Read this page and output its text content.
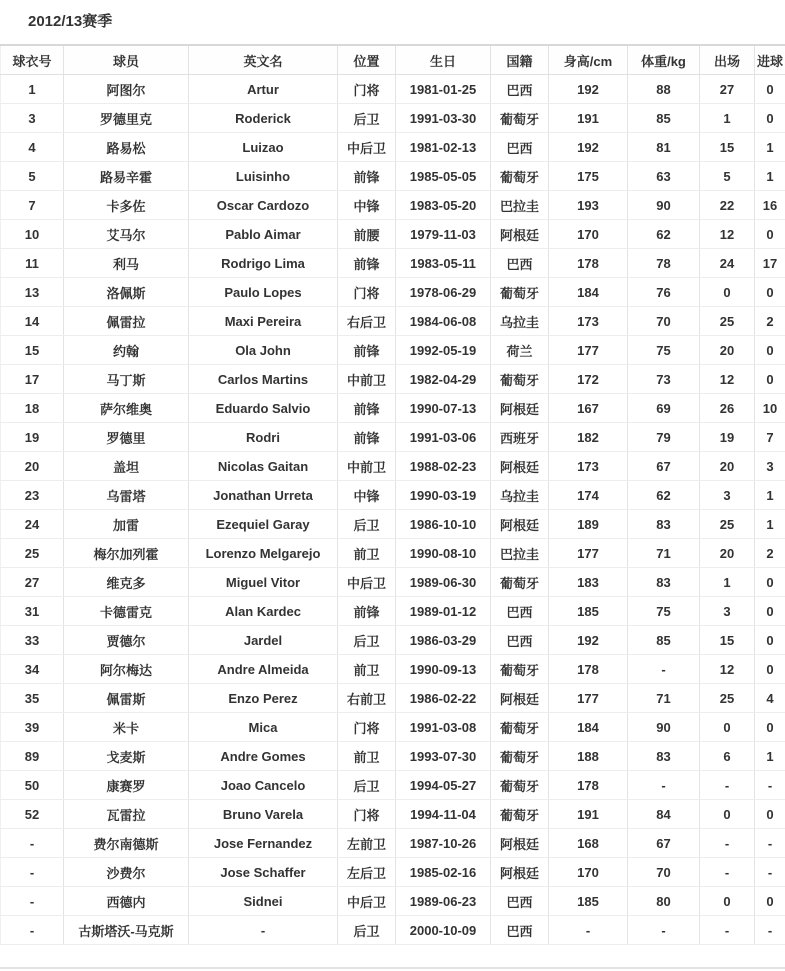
2012/13赛季
球衣号	球员	英文名	位置	生日	国籍	身高/cm	体重/kg	出场	进球
1	阿图尔	Artur	门将	1981-01-25	巴西	192	88	27	0
3	罗德里克	Roderick	后卫	1991-03-30	葡萄牙	191	85	1	0
4	路易松	Luizao	中后卫	1981-02-13	巴西	192	81	15	1
5	路易辛霍	Luisinho	前锋	1985-05-05	葡萄牙	175	63	5	1
7	卡多佐	Oscar Cardozo	中锋	1983-05-20	巴拉圭	193	90	22	16
10	艾马尔	Pablo Aimar	前腰	1979-11-03	阿根廷	170	62	12	0
11	利马	Rodrigo Lima	前锋	1983-05-11	巴西	178	78	24	17
13	洛佩斯	Paulo Lopes	门将	1978-06-29	葡萄牙	184	76	0	0
14	佩雷拉	Maxi Pereira	右后卫	1984-06-08	乌拉圭	173	70	25	2
15	约翰	Ola John	前锋	1992-05-19	荷兰	177	75	20	0
17	马丁斯	Carlos Martins	中前卫	1982-04-29	葡萄牙	172	73	12	0
18	萨尔维奥	Eduardo Salvio	前锋	1990-07-13	阿根廷	167	69	26	10
19	罗德里	Rodri	前锋	1991-03-06	西班牙	182	79	19	7
20	盖坦	Nicolas Gaitan	中前卫	1988-02-23	阿根廷	173	67	20	3
23	乌雷塔	Jonathan Urreta	中锋	1990-03-19	乌拉圭	174	62	3	1
24	加雷	Ezequiel Garay	后卫	1986-10-10	阿根廷	189	83	25	1
25	梅尔加列霍	Lorenzo Melgarejo	前卫	1990-08-10	巴拉圭	177	71	20	2
27	维克多	Miguel Vitor	中后卫	1989-06-30	葡萄牙	183	83	1	0
31	卡德雷克	Alan Kardec	前锋	1989-01-12	巴西	185	75	3	0
33	贾德尔	Jardel	后卫	1986-03-29	巴西	192	85	15	0
34	阿尔梅达	Andre Almeida	前卫	1990-09-13	葡萄牙	178	-	12	0
35	佩雷斯	Enzo Perez	右前卫	1986-02-22	阿根廷	177	71	25	4
39	米卡	Mica	门将	1991-03-08	葡萄牙	184	90	0	0
89	戈麦斯	Andre Gomes	前卫	1993-07-30	葡萄牙	188	83	6	1
50	康赛罗	Joao Cancelo	后卫	1994-05-27	葡萄牙	178	-	-	-
52	瓦雷拉	Bruno Varela	门将	1994-11-04	葡萄牙	191	84	0	0
-	费尔南德斯	Jose Fernandez	左前卫	1987-10-26	阿根廷	168	67	-	-
-	沙费尔	Jose Schaffer	左后卫	1985-02-16	阿根廷	170	70	-	-
-	西德内	Sidnei	中后卫	1989-06-23	巴西	185	80	0	0
-	古斯塔沃-马克斯	-	后卫	2000-10-09	巴西	-	-	-	-
